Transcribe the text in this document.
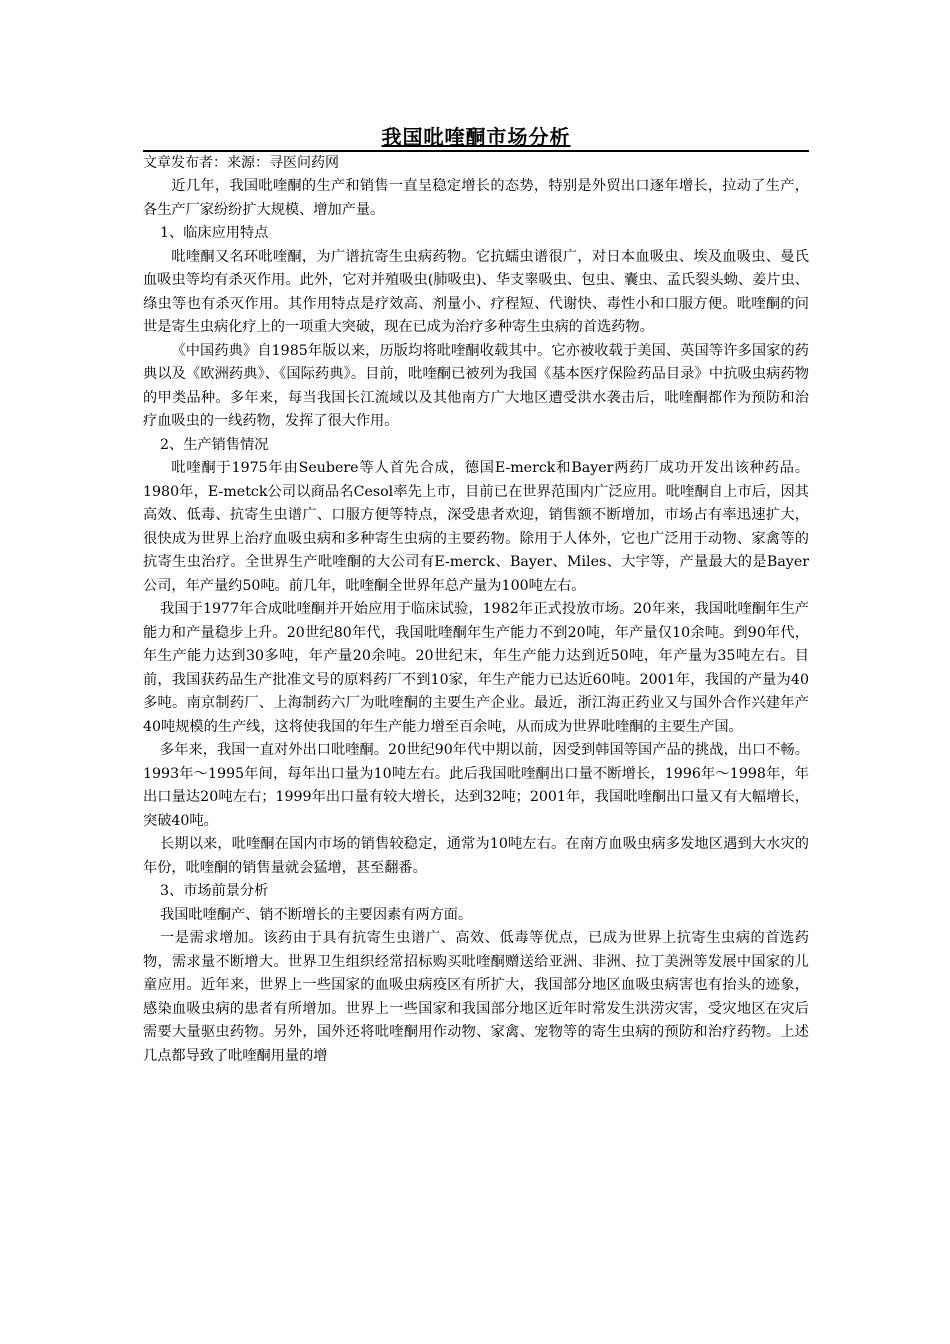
我国吡喹酮市场分析
文章发布者：来源：寻医问药网

近几年，我国吡喹酮的生产和销售一直呈稳定增长的态势，特别是外贸出口逐年增长，拉动了生产，各生产厂家纷纷扩大规模、增加产量。

1、临床应用特点

吡喹酮又名环吡喹酮，为广谱抗寄生虫病药物。它抗蠕虫谱很广，对日本血吸虫、埃及血吸虫、曼氏血吸虫等均有杀灭作用。此外，它对并殖吸虫(肺吸虫)、华支睾吸虫、包虫、囊虫、孟氏裂头蚴、姜片虫、绦虫等也有杀灭作用。其作用特点是疗效高、剂量小、疗程短、代谢快、毒性小和口服方便。吡喹酮的问世是寄生虫病化疗上的一项重大突破，现在已成为治疗多种寄生虫病的首选药物。

《中国药典》自1985年版以来，历版均将吡喹酮收载其中。它亦被收载于美国、英国等许多国家的药典以及《欧洲药典》、《国际药典》。目前，吡喹酮已被列为我国《基本医疗保险药品目录》中抗吸虫病药物的甲类品种。多年来，每当我国长江流域以及其他南方广大地区遭受洪水袭击后，吡喹酮都作为预防和治疗血吸虫的一线药物，发挥了很大作用。

2、生产销售情况

吡喹酮于1975年由Seubere等人首先合成，德国E-merck和Bayer两药厂成功开发出该种药品。1980年，E-metck公司以商品名Cesol率先上市，目前已在世界范围内广泛应用。吡喹酮自上市后，因其高效、低毒、抗寄生虫谱广、口服方便等特点，深受患者欢迎，销售额不断增加，市场占有率迅速扩大，很快成为世界上治疗血吸虫病和多种寄生虫病的主要药物。除用于人体外，它也广泛用于动物、家禽等的抗寄生虫治疗。全世界生产吡喹酮的大公司有E-merck、Bayer、Miles、大宇等，产量最大的是Bayer公司，年产量约50吨。前几年，吡喹酮全世界年总产量为100吨左右。

我国于1977年合成吡喹酮并开始应用于临床试验，1982年正式投放市场。20年来，我国吡喹酮年生产能力和产量稳步上升。20世纪80年代，我国吡喹酮年生产能力不到20吨，年产量仅10余吨。到90年代，年生产能力达到30多吨，年产量20余吨。20世纪末，年生产能力达到近50吨，年产量为35吨左右。目前，我国获药品生产批准文号的原料药厂不到10家，年生产能力已达近60吨。2001年，我国的产量为40多吨。南京制药厂、上海制药六厂为吡喹酮的主要生产企业。最近，浙江海正药业又与国外合作兴建年产40吨规模的生产线，这将使我国的年生产能力增至百余吨，从而成为世界吡喹酮的主要生产国。

多年来，我国一直对外出口吡喹酮。20世纪90年代中期以前，因受到韩国等国产品的挑战，出口不畅。1993年～1995年间，每年出口量为10吨左右。此后我国吡喹酮出口量不断增长，1996年～1998年，年出口量达20吨左右；1999年出口量有较大增长，达到32吨；2001年，我国吡喹酮出口量又有大幅增长，突破40吨。

长期以来，吡喹酮在国内市场的销售较稳定，通常为10吨左右。在南方血吸虫病多发地区遇到大水灾的年份，吡喹酮的销售量就会猛增，甚至翻番。

3、市场前景分析

我国吡喹酮产、销不断增长的主要因素有两方面。

一是需求增加。该药由于具有抗寄生虫谱广、高效、低毒等优点，已成为世界上抗寄生虫病的首选药物，需求量不断增大。世界卫生组织经常招标购买吡喹酮赠送给亚洲、非洲、拉丁美洲等发展中国家的儿童应用。近年来，世界上一些国家的血吸虫病疫区有所扩大，我国部分地区血吸虫病害也有抬头的迹象，感染血吸虫病的患者有所增加。世界上一些国家和我国部分地区近年时常发生洪涝灾害，受灾地区在灾后需要大量驱虫药物。另外，国外还将吡喹酮用作动物、家禽、宠物等的寄生虫病的预防和治疗药物。上述几点都导致了吡喹酮用量的增
